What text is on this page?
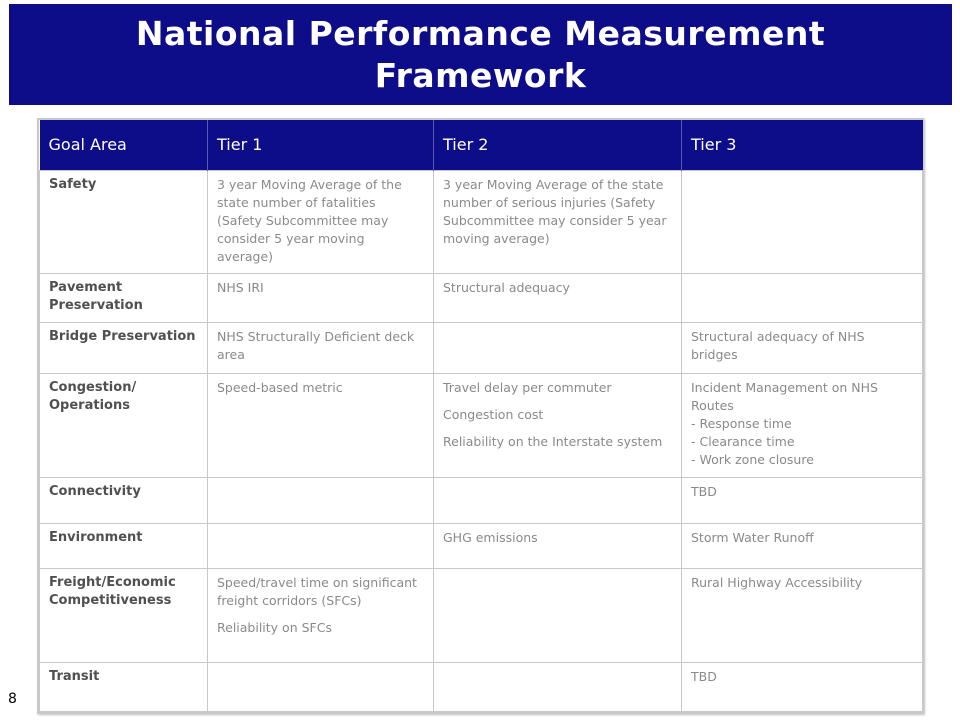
National Performance Measurement
Framework
Goal Area	Tier 1	Tier 2	Tier 3
Safety	3 year Moving Average of the state number of fatalities (Safety Subcommittee may consider 5 year moving average)	3 year Moving Average of the state number of serious injuries (Safety Subcommittee may consider 5 year moving average)	

Pavement Preservation	NHS IRI	Structural adequacy	

Bridge Preservation	NHS Structurally Deficient deck area		Structural adequacy of NHS bridges

Congestion/ Operations	Speed-based metric	Travel delay per commuter
Congestion cost
Reliability on the Interstate system	Incident Management on NHS Routes
- Response time
- Clearance time
- Work zone closure

Connectivity			TBD

Environment		GHG emissions	Storm Water Runoff

Freight/Economic Competitiveness	Speed/travel time on significant freight corridors (SFCs)
Reliability on SFCs		Rural Highway Accessibility

Transit			TBD
8
